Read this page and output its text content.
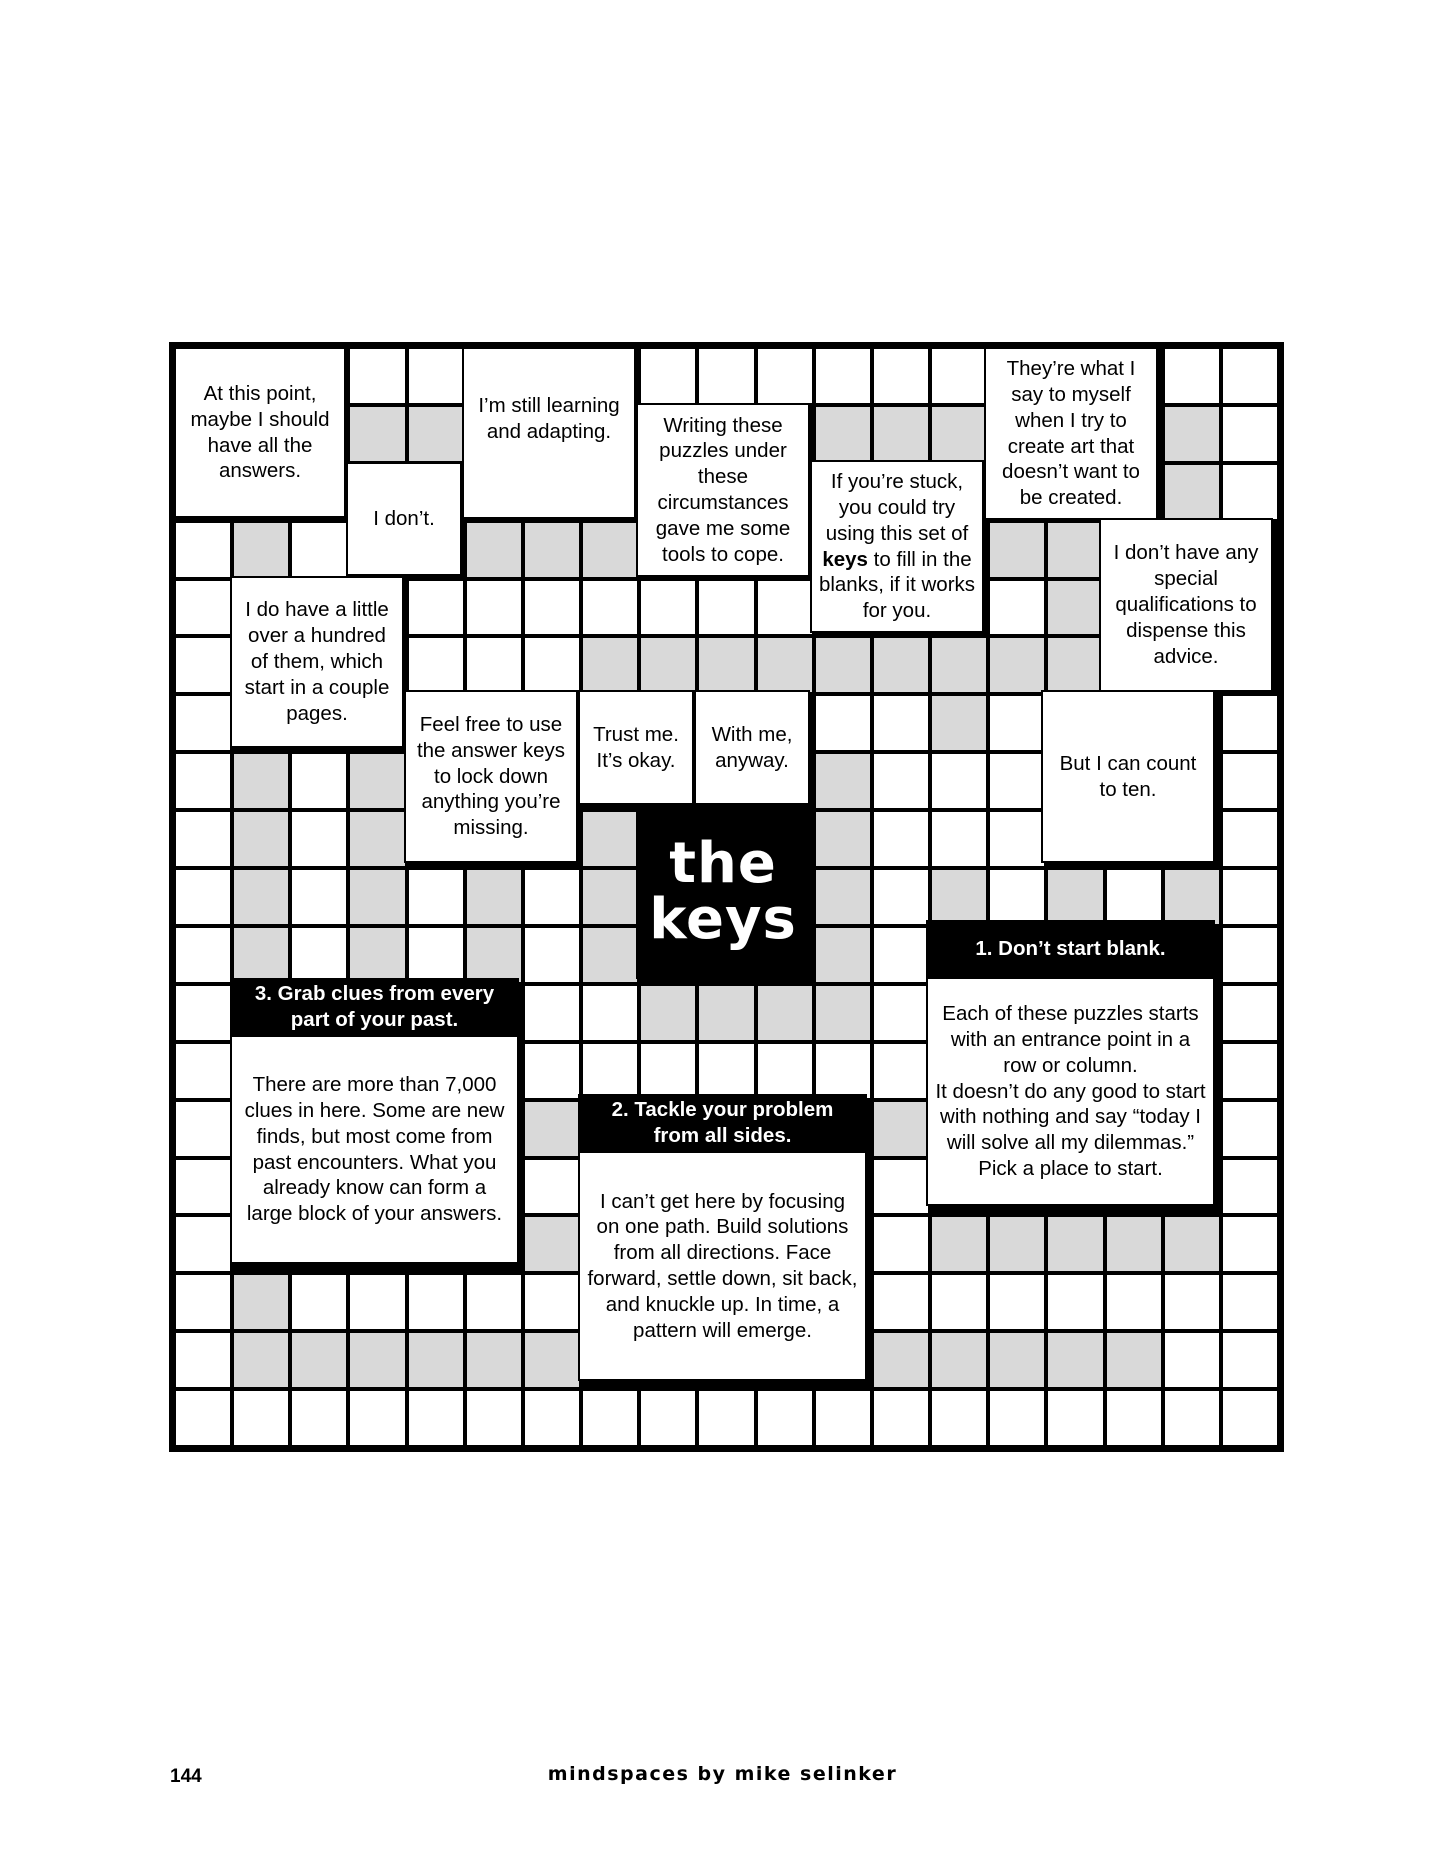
At this point, maybe I should have all the answers.
I don’t.
I’m still learning and adapting.	Writing these puzzles under these circumstances gave me some tools to cope.
If you’re stuck, you could try using this set of keys to fill in the blanks, if it works for you.
They’re what I say to myself when I try to create art that doesn’t want to be created.
I do have a little over a hundred of them, which start in a couple pages.
I don’t have any special qualifications to dispense this advice.
Feel free to use the answer keys to lock down anything you’re missing.
Trust me. It’s okay.
With me, anyway.	But I can count to ten.
the
keys	1. Don’t start blank.
Each of these puzzles starts with an entrance point in a row or column.
It doesn’t do any good to start with nothing and say “today I will solve all my dilemmas.”
Pick a place to start.
3. Grab clues from every part of your past.
There are more than 7,000 clues in here. Some are new finds, but most come from past encounters. What you already know can form a large block of your answers.
2. Tackle your problem from all sides.
I can’t get here by focusing on one path. Build solutions from all directions. Face forward, settle down, sit back, and knuckle up. In time, a pattern will emerge.
144	mindspaces by mike selinker
